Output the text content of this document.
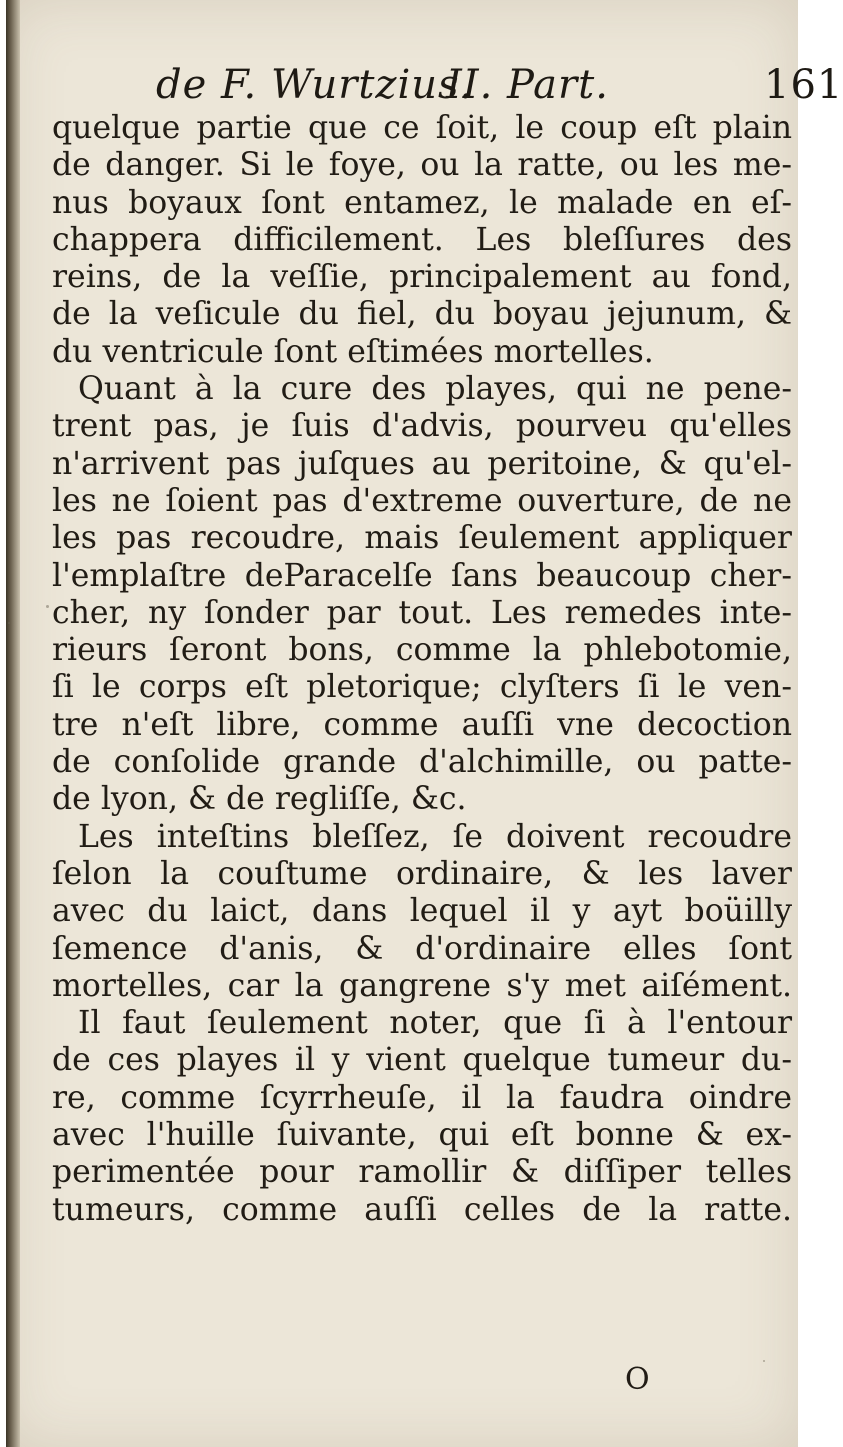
de F. Wurtzius.
II. Part.	161
quelque partie que ce ſoit, le coup eſt plain
de danger. Si le foye, ou la ratte, ou les me-
nus boyaux ſont entamez, le malade en eſ-
chappera difficilement. Les bleſſures des
reins, de la veſſie, principalement au fond,
de la veſicule du fiel, du boyau jejunum, &
du ventricule ſont eſtimées mortelles.
Quant à la cure des playes, qui ne pene-
trent pas, je ſuis d'advis, pourveu qu'elles
n'arrivent pas juſques au peritoine, & qu'el-
les ne ſoient pas d'extreme ouverture, de ne
les pas recoudre, mais ſeulement appliquer
l'emplaſtre deParacelſe ſans beaucoup cher-
cher, ny ſonder par tout. Les remedes inte-
rieurs ſeront bons, comme la phlebotomie,
ſi le corps eſt pletorique; clyſters ſi le ven-
tre n'eſt libre, comme auſſi vne decoction
de conſolide grande d'alchimille, ou patte-
de lyon, & de regliſſe, &c.
Les inteſtins bleſſez, ſe doivent recoudre
ſelon la couſtume ordinaire, & les laver
avec du laict, dans lequel il y ayt boüilly
ſemence d'anis, & d'ordinaire elles ſont
mortelles, car la gangrene s'y met aiſément.
Il faut ſeulement noter, que ſi à l'entour
de ces playes il y vient quelque tumeur du-
re, comme ſcyrrheuſe, il la faudra oindre
avec l'huille ſuivante, qui eſt bonne & ex-
perimentée pour ramollir & diſſiper telles
tumeurs, comme auſſi celles de la ratte.
O
